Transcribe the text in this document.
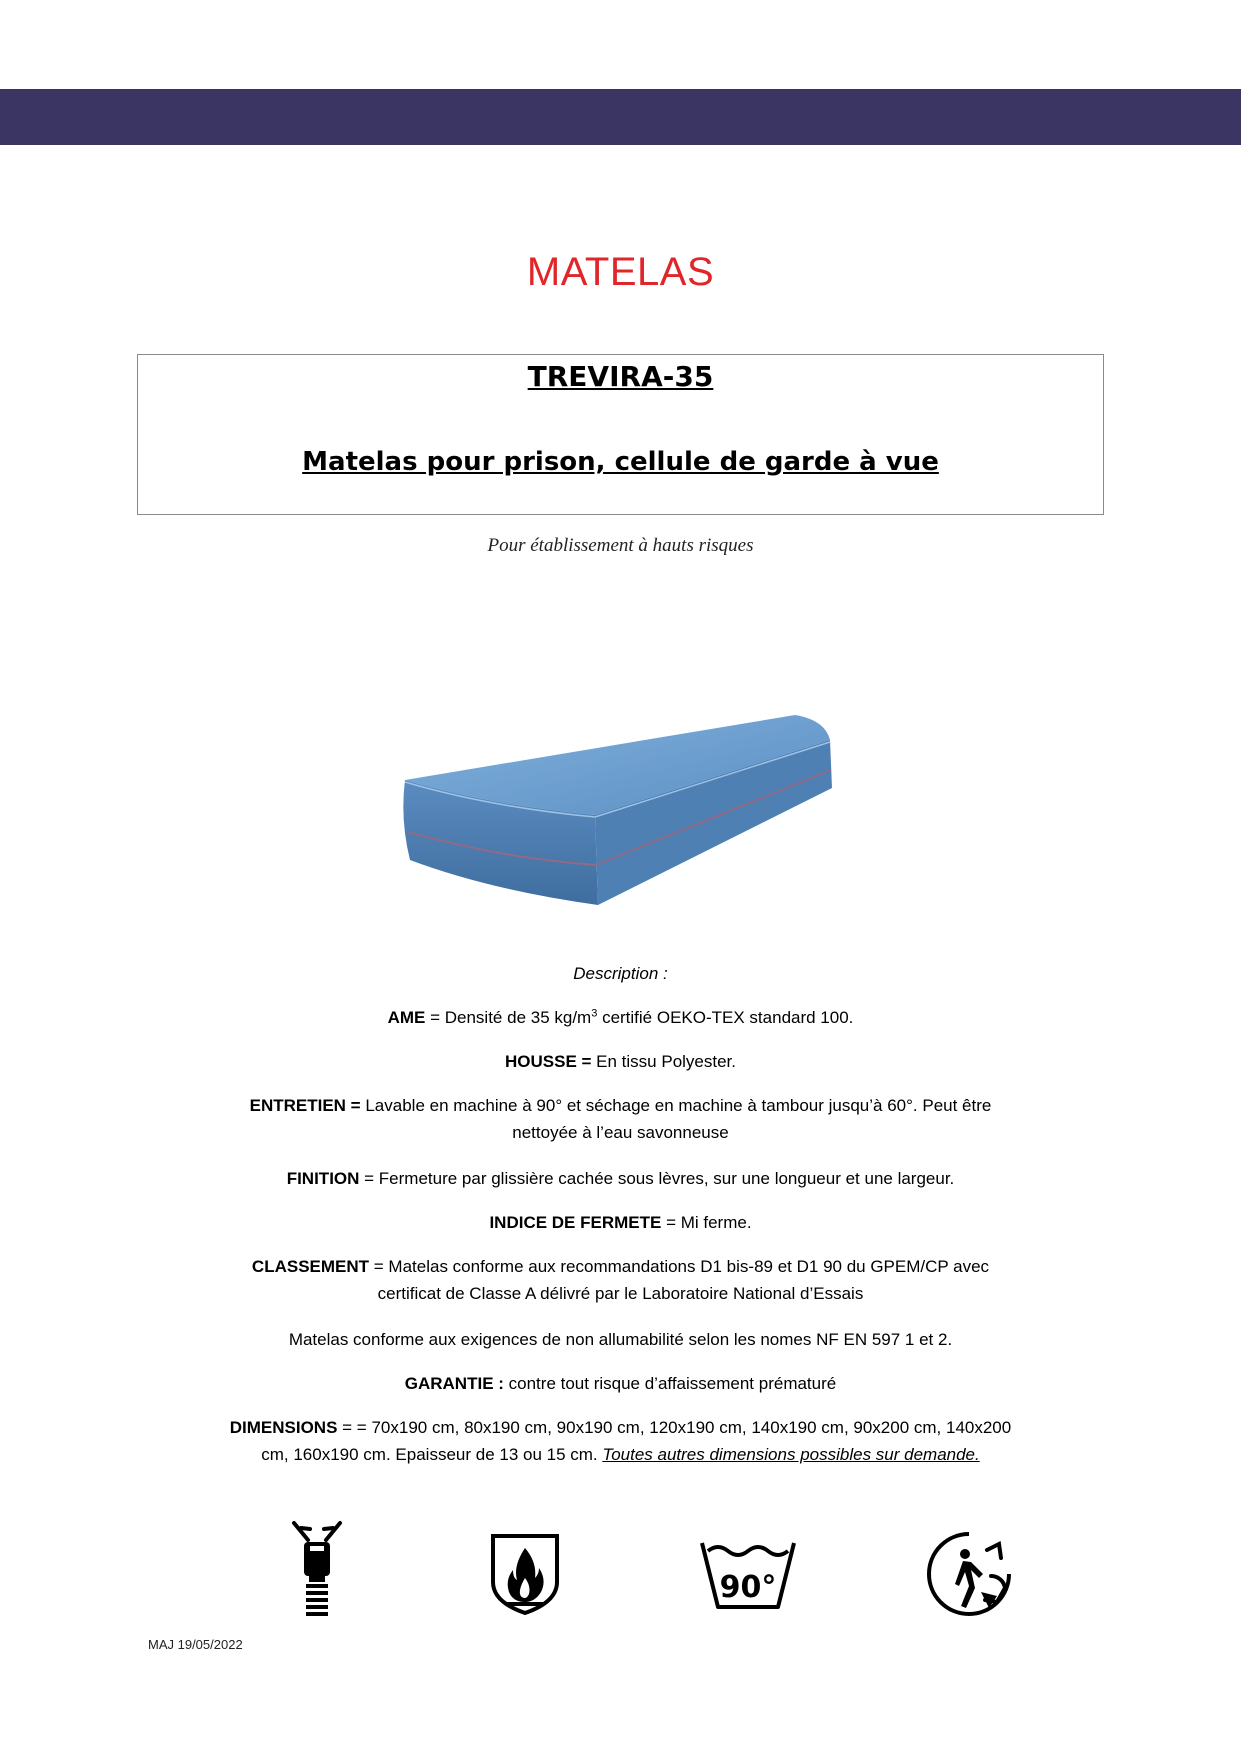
MATELAS
TREVIRA-35
Matelas pour prison, cellule de garde à vue
Pour établissement à hauts risques
Description :
AME = Densité de 35 $kg/m^3$ certifié OEKO-TEX standard 100.
HOUSSE = En tissu Polyester.
ENTRETIEN = Lavable en machine à 90° et séchage en machine à tambour jusqu’à 60°. Peut être
nettoyée à l’eau savonneuse
FINITION = Fermeture par glissière cachée sous lèvres, sur une longueur et une largeur.
INDICE DE FERMETE = Mi ferme.
CLASSEMENT = Matelas conforme aux recommandations D1 bis-89 et D1 90 du GPEM/CP avec
certificat de Classe A délivré par le Laboratoire National d’Essais
Matelas conforme aux exigences de non allumabilité selon les nomes NF EN 597 1 et 2.
GARANTIE : contre tout risque d’affaissement prématuré
DIMENSIONS = = 70x190 cm, 80x190 cm, 90x190 cm, 120x190 cm, 140x190 cm, 90x200 cm, 140x200
cm, 160x190 cm. Epaisseur de 13 ou 15 cm. Toutes autres dimensions possibles sur demande.
90°
MAJ 19/05/2022
